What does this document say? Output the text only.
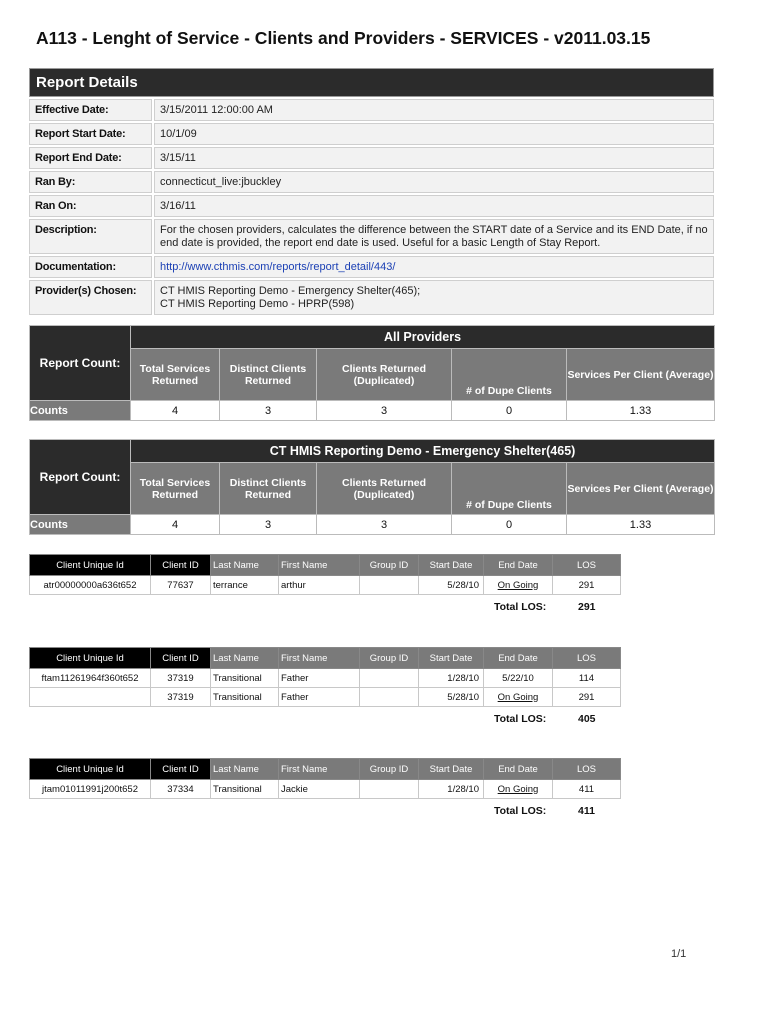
A113 - Lenght of Service - Clients and Providers - SERVICES - v2011.03.15
Report Details
Effective Date:	3/15/2011 12:00:00 AM
Report Start Date:	10/1/09
Report End Date:	3/15/11
Ran By:	connecticut_live:jbuckley
Ran On:	3/16/11
Description:	For the chosen providers, calculates the difference between the START date of a Service and its END Date, if no end date is provided, the report end date is used. Useful for a basic Length of Stay Report.
Documentation:	http://www.cthmis.com/reports/report_detail/443/
Provider(s) Chosen:	CT HMIS Reporting Demo - Emergency Shelter(465);
CT HMIS Reporting Demo - HPRP(598)
Report Count:	All Providers				
	Total Services Returned	Distinct Clients Returned	Clients Returned (Duplicated)	# of Dupe Clients	Services Per Client (Average)
Counts	4	3	3	0	1.33
Report Count:	CT HMIS Reporting Demo - Emergency Shelter(465)				
	Total Services Returned	Distinct Clients Returned	Clients Returned (Duplicated)	# of Dupe Clients	Services Per Client (Average)
Counts	4	3	3	0	1.33
Client Unique Id	Client ID	Last Name	First Name	Group ID	Start Date	End Date	LOS
atr00000000a636t652	77637	terrance	arthur		5/28/10	On Going	291
Total LOS:	291
Client Unique Id	Client ID	Last Name	First Name	Group ID	Start Date	End Date	LOS
ftam11261964f360t652	37319	Transitional	Father		1/28/10	5/22/10	114
	37319	Transitional	Father		5/28/10	On Going	291
Total LOS:	405
Client Unique Id	Client ID	Last Name	First Name	Group ID	Start Date	End Date	LOS
jtam01011991j200t652	37334	Transitional	Jackie		1/28/10	On Going	411
Total LOS:	411
1/1
